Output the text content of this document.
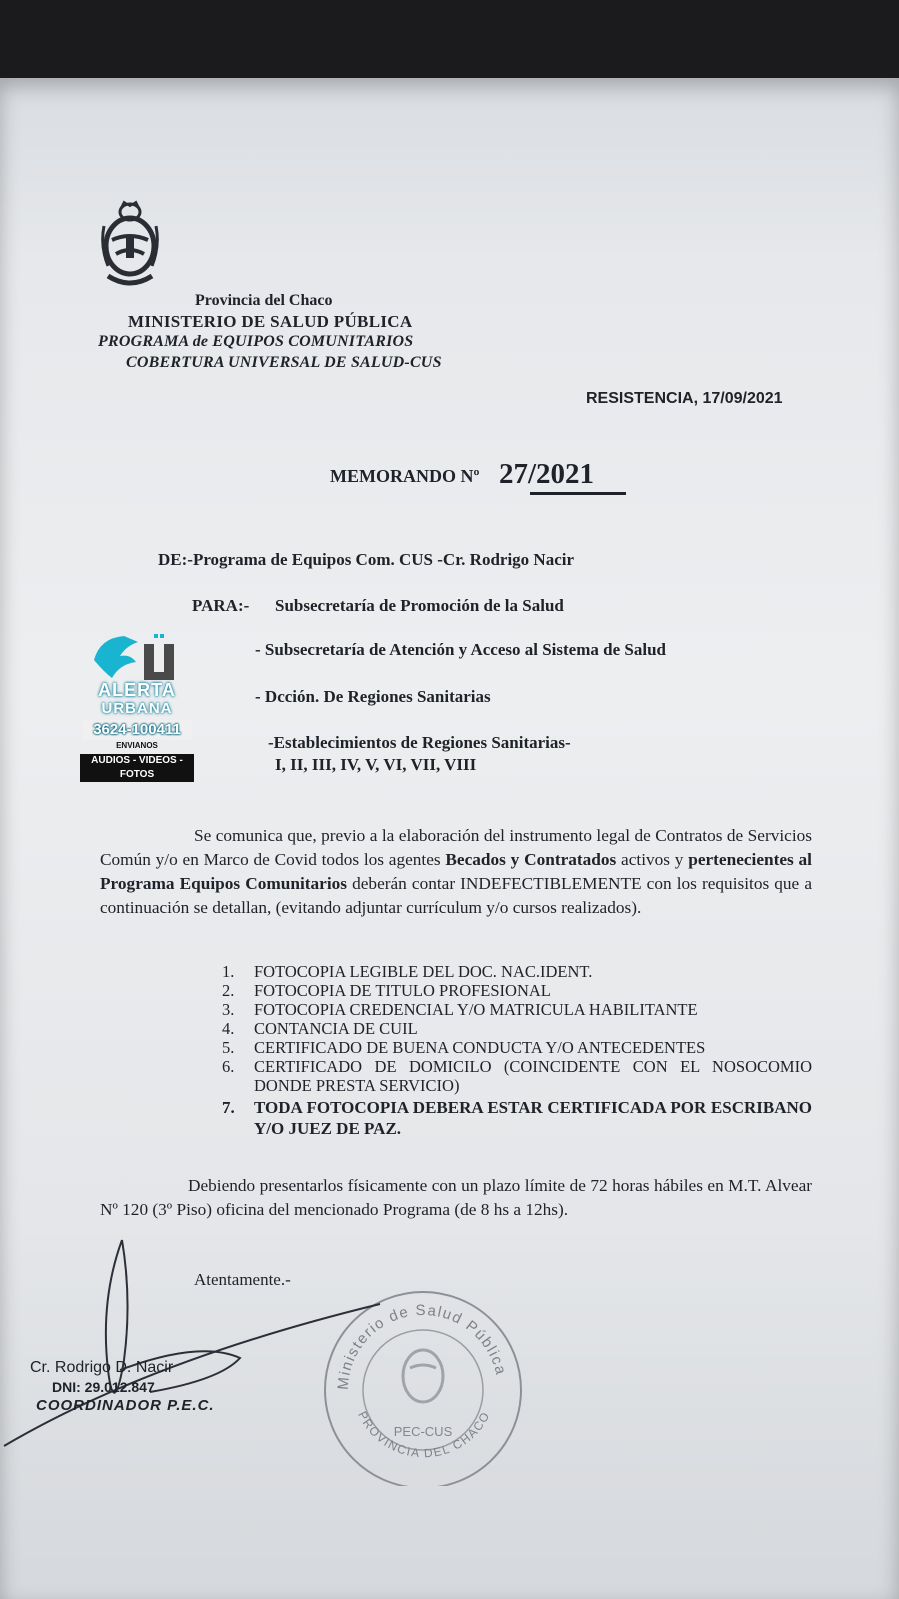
Provincia del Chaco
MINISTERIO DE SALUD PÚBLICA
PROGRAMA de EQUIPOS COMUNITARIOS
COBERTURA UNIVERSAL DE SALUD-CUS
RESISTENCIA, 17/09/2021
MEMORANDO Nº 27/2021
DE:-Programa de Equipos Com. CUS -Cr. Rodrigo Nacir
PARA:- Subsecretaría de Promoción de la Salud
- Subsecretaría de Atención y Acceso al Sistema de Salud
- Dcción. De Regiones Sanitarias
-Establecimientos de Regiones Sanitarias-
I, II, III, IV, V, VI, VII, VIII

Se comunica que, previo a la elaboración del instrumento legal de Contratos de Servicios Común y/o en Marco de Covid todos los agentes Becados y Contratados activos y pertenecientes al Programa Equipos Comunitarios deberán contar INDEFECTIBLEMENTE con los requisitos que a continuación se detallan, (evitando adjuntar currículum y/o cursos realizados).

1. FOTOCOPIA LEGIBLE DEL DOC. NAC.IDENT.
2. FOTOCOPIA DE TITULO PROFESIONAL
3. FOTOCOPIA CREDENCIAL Y/O MATRICULA HABILITANTE
4. CONTANCIA DE CUIL
5. CERTIFICADO DE BUENA CONDUCTA Y/O ANTECEDENTES
6. CERTIFICADO DE DOMICILO (COINCIDENTE CON EL NOSOCOMIO DONDE PRESTA SERVICIO)
7. TODA FOTOCOPIA DEBERA ESTAR CERTIFICADA POR ESCRIBANO Y/O JUEZ DE PAZ.

Debiendo presentarlos físicamente con un plazo límite de 72 horas hábiles en M.T. Alvear Nº 120 (3º Piso) oficina del mencionado Programa (de 8 hs a 12hs).

Atentamente.-
Ministerio de Salud Pública
PROVINCIA DEL CHACO
PEC-CUS
Cr. Rodrigo D. Nacir
DNI: 29.012.847
COORDINADOR P.E.C.
ALERTA
URBANA
3624-100411
ENVIANOS
AUDIOS - VIDEOS - FOTOS
